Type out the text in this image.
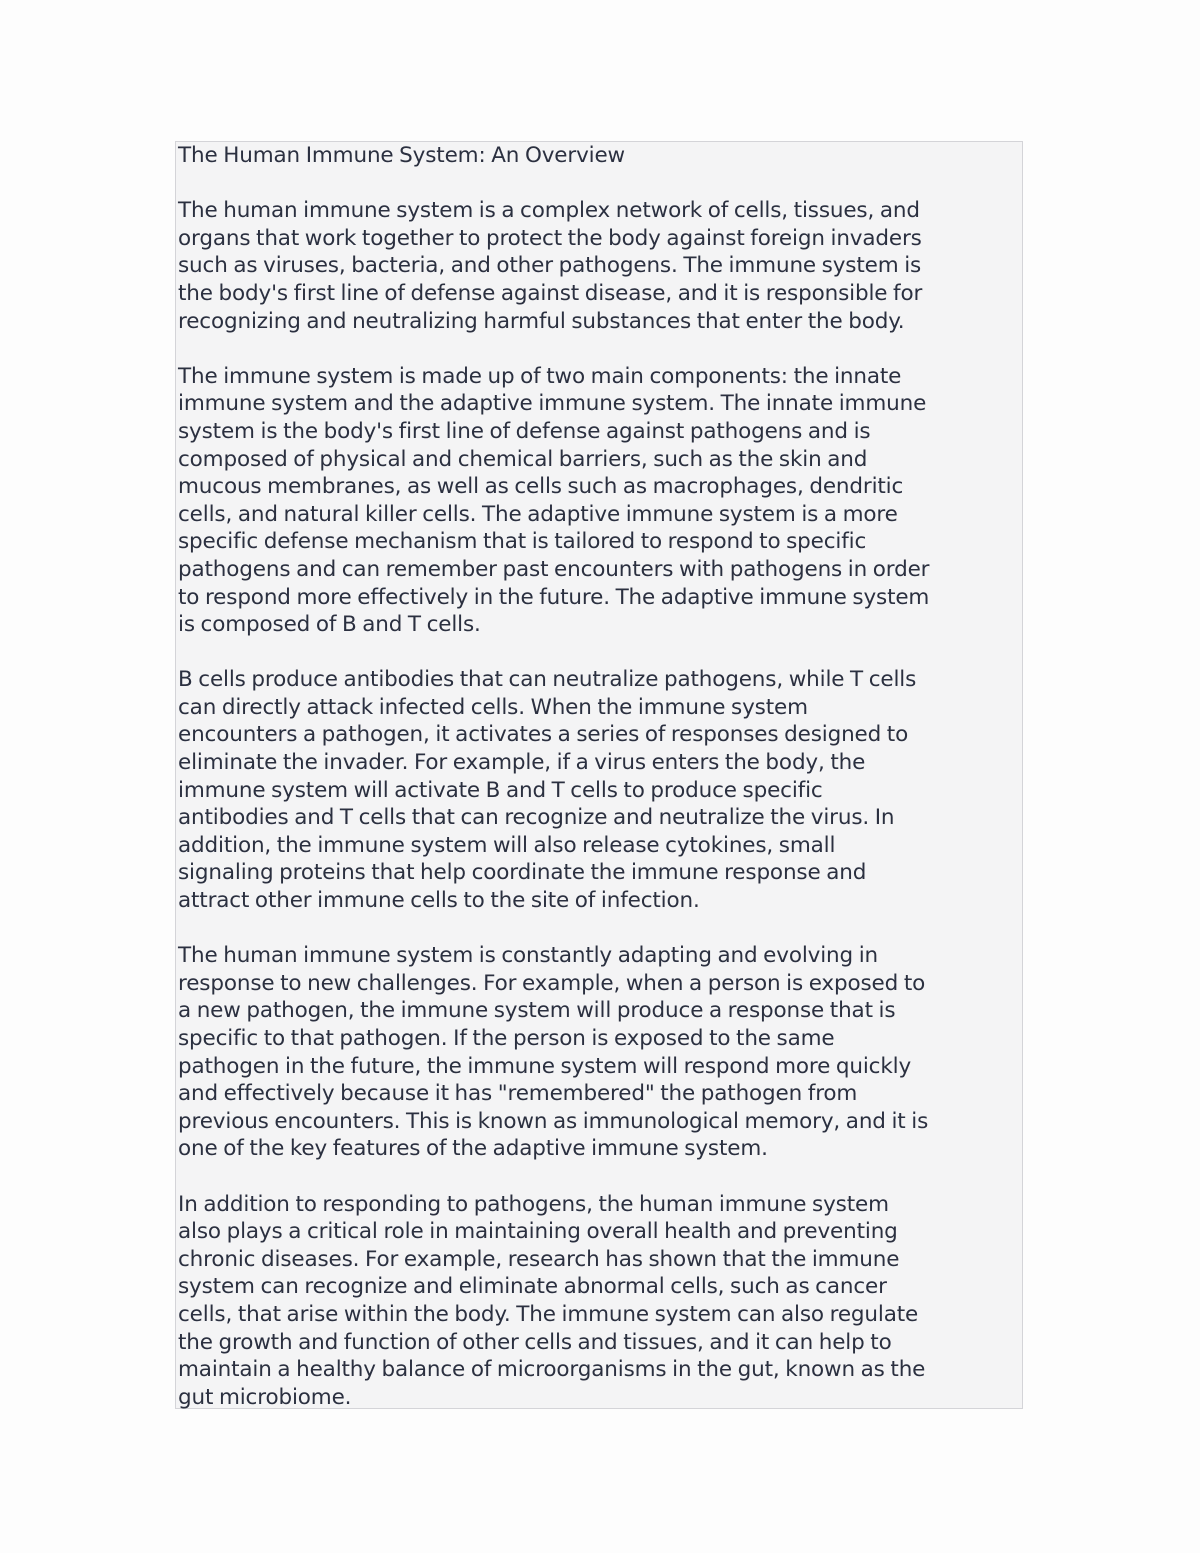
The Human Immune System: An Overview

The human immune system is a complex network of cells, tissues, and
organs that work together to protect the body against foreign invaders
such as viruses, bacteria, and other pathogens. The immune system is
the body's first line of defense against disease, and it is responsible for
recognizing and neutralizing harmful substances that enter the body.

The immune system is made up of two main components: the innate
immune system and the adaptive immune system. The innate immune
system is the body's first line of defense against pathogens and is
composed of physical and chemical barriers, such as the skin and
mucous membranes, as well as cells such as macrophages, dendritic
cells, and natural killer cells. The adaptive immune system is a more
specific defense mechanism that is tailored to respond to specific
pathogens and can remember past encounters with pathogens in order
to respond more effectively in the future. The adaptive immune system
is composed of B and T cells.

B cells produce antibodies that can neutralize pathogens, while T cells
can directly attack infected cells. When the immune system
encounters a pathogen, it activates a series of responses designed to
eliminate the invader. For example, if a virus enters the body, the
immune system will activate B and T cells to produce specific
antibodies and T cells that can recognize and neutralize the virus. In
addition, the immune system will also release cytokines, small
signaling proteins that help coordinate the immune response and
attract other immune cells to the site of infection.

The human immune system is constantly adapting and evolving in
response to new challenges. For example, when a person is exposed to
a new pathogen, the immune system will produce a response that is
specific to that pathogen. If the person is exposed to the same
pathogen in the future, the immune system will respond more quickly
and effectively because it has "remembered" the pathogen from
previous encounters. This is known as immunological memory, and it is
one of the key features of the adaptive immune system.

In addition to responding to pathogens, the human immune system
also plays a critical role in maintaining overall health and preventing
chronic diseases. For example, research has shown that the immune
system can recognize and eliminate abnormal cells, such as cancer
cells, that arise within the body. The immune system can also regulate
the growth and function of other cells and tissues, and it can help to
maintain a healthy balance of microorganisms in the gut, known as the
gut microbiome.
